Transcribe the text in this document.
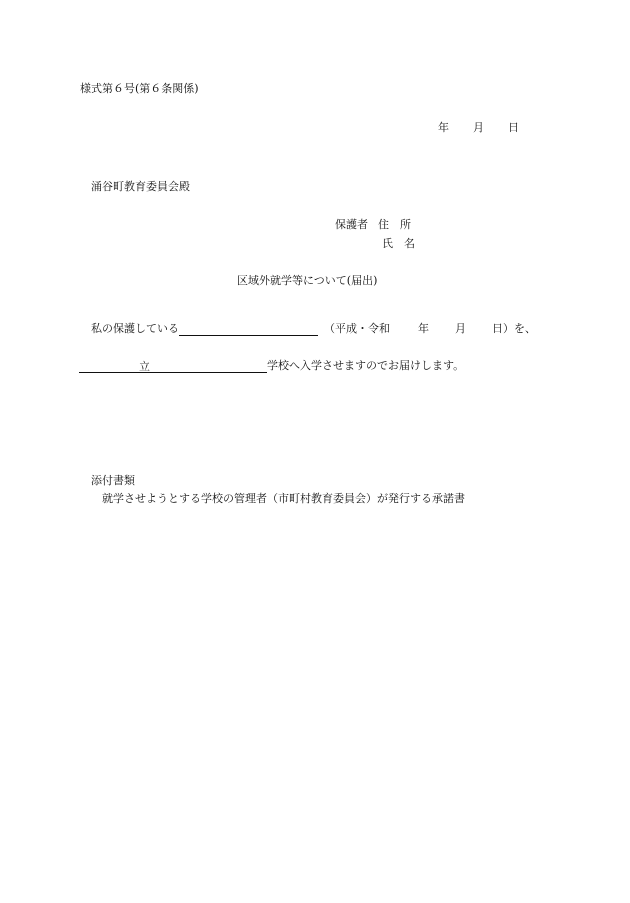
様式第６号(第６条関係)
年 月 日
涌谷町教育委員会殿
保護者 住　所
氏　名
区域外就学等について(届出)
私の保護している	（平成・令和	年 月 日）を、
立	学校へ入学させますのでお届けします。
添付書類
就学させようとする学校の管理者（市町村教育委員会）が発行する承諾書
